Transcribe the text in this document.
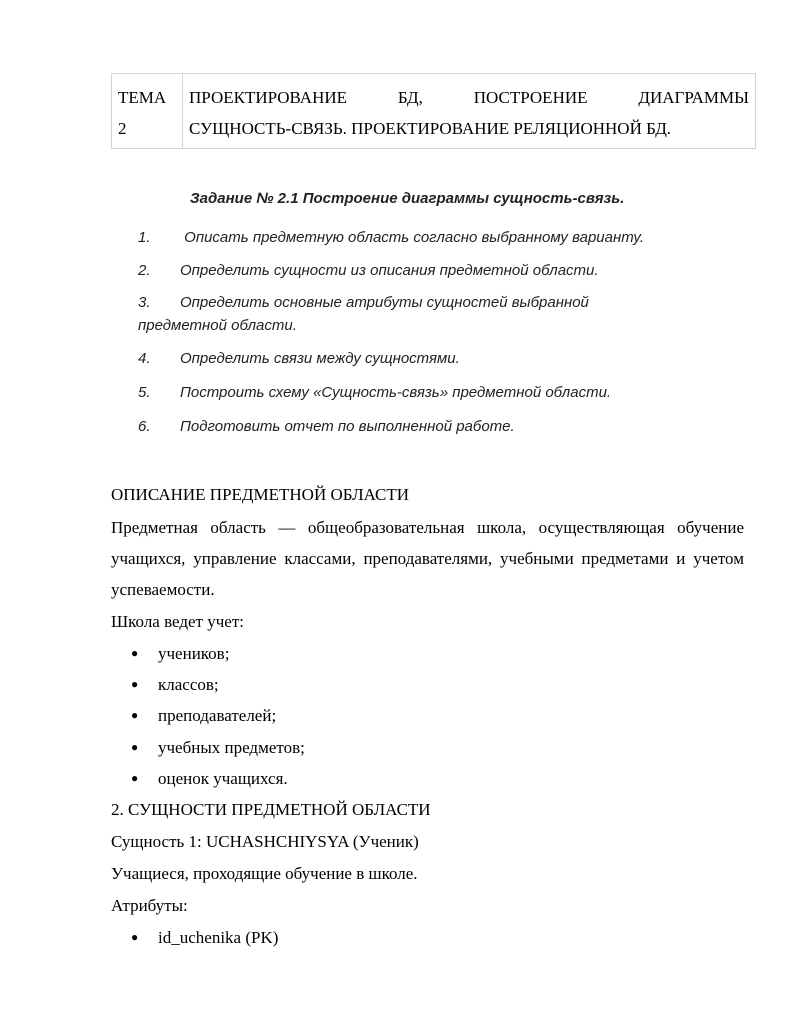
ТЕМА
2
ПРОЕКТИРОВАНИЕ БД, ПОСТРОЕНИЕ ДИАГРАММЫ
СУЩНОСТЬ-СВЯЗЬ. ПРОЕКТИРОВАНИЕ РЕЛЯЦИОННОЙ БД.
Задание № 2.1 Построение диаграммы сущность-связь.
1. Описать предметную область согласно выбранному варианту.
2. Определить сущности из описания предметной области.
3. Определить основные атрибуты сущностей выбранной
предметной области.
4. Определить связи между сущностями.
5. Построить схему «Сущность-связь» предметной области.
6. Подготовить отчет по выполненной работе.
ОПИСАНИЕ ПРЕДМЕТНОЙ ОБЛАСТИ
Предметная область — общеобразовательная школа, осуществляющая обучение учащихся, управление классами, преподавателями, учебными предметами и учетом успеваемости.
Школа ведет учет:
● учеников;
● классов;
● преподавателей;
● учебных предметов;
● оценок учащихся.
2. СУЩНОСТИ ПРЕДМЕТНОЙ ОБЛАСТИ
Сущность 1: UCHASHCHIYSYA (Ученик)
Учащиеся, проходящие обучение в школе.
Атрибуты:
● id_uchenika (PK)
